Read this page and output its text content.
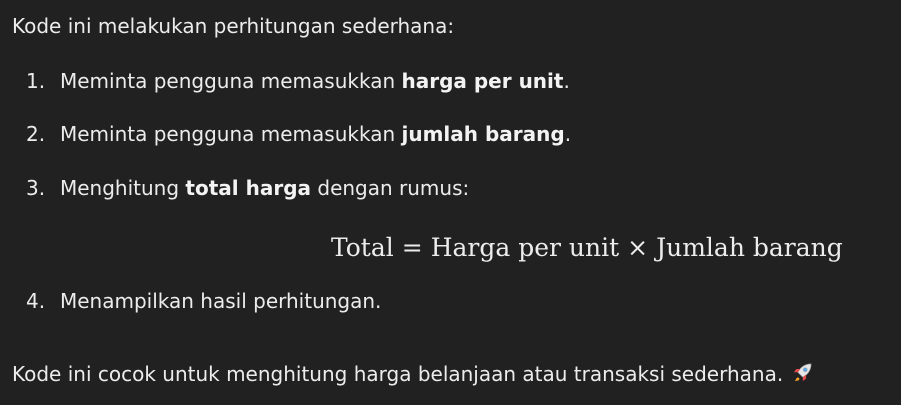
Kode ini melakukan perhitungan sederhana:

1. Meminta pengguna memasukkan harga per unit.
2. Meminta pengguna memasukkan jumlah barang.
3. Menghitung total harga dengan rumus:
Total = Harga per unit × Jumlah barang
4. Menampilkan hasil perhitungan.

Kode ini cocok untuk menghitung harga belanjaan atau transaksi sederhana.
